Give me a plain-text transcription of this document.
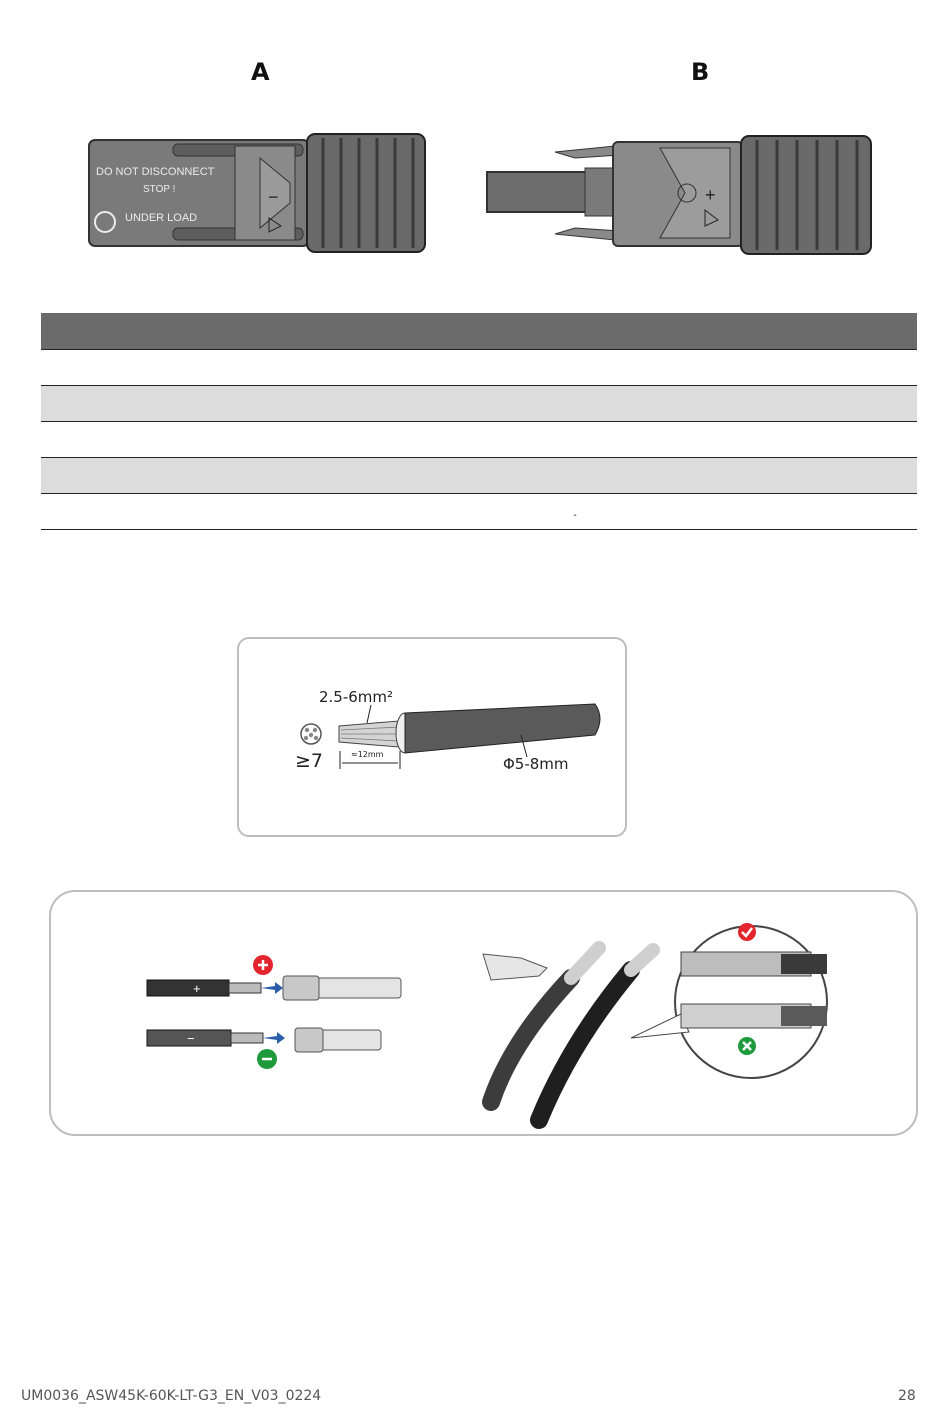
A	B
DO NOT DISCONNECT
STOP !
UNDER LOAD
−	+

		-
≥7
2.5-6mm²
≈12mm
Φ5-8mm
+
−
UM0036_ASW45K-60K-LT-G3_EN_V03_0224	28
